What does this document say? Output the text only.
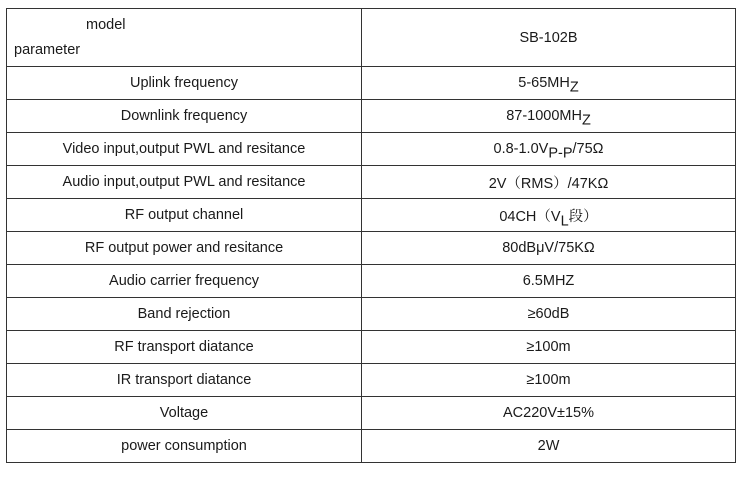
model
parameter	SB-102B
Uplink frequency	$5-65MH_Z$
Downlink frequency	$87-1000MH_Z$
Video input,output PWL and resitance	$0.8-1.0V_{P-P}/75\Omega$
Audio input,output PWL and resitance	2V（RMS）/47KΩ
RF output channel	$04CH(V_L$段）
RF output power and resitance	80dBμV/75KΩ
Audio carrier frequency	6.5MHZ
Band rejection	≥60dB
RF transport diatance	≥100m
IR transport diatance	≥100m
Voltage	AC220V±15%
power consumption	2W
